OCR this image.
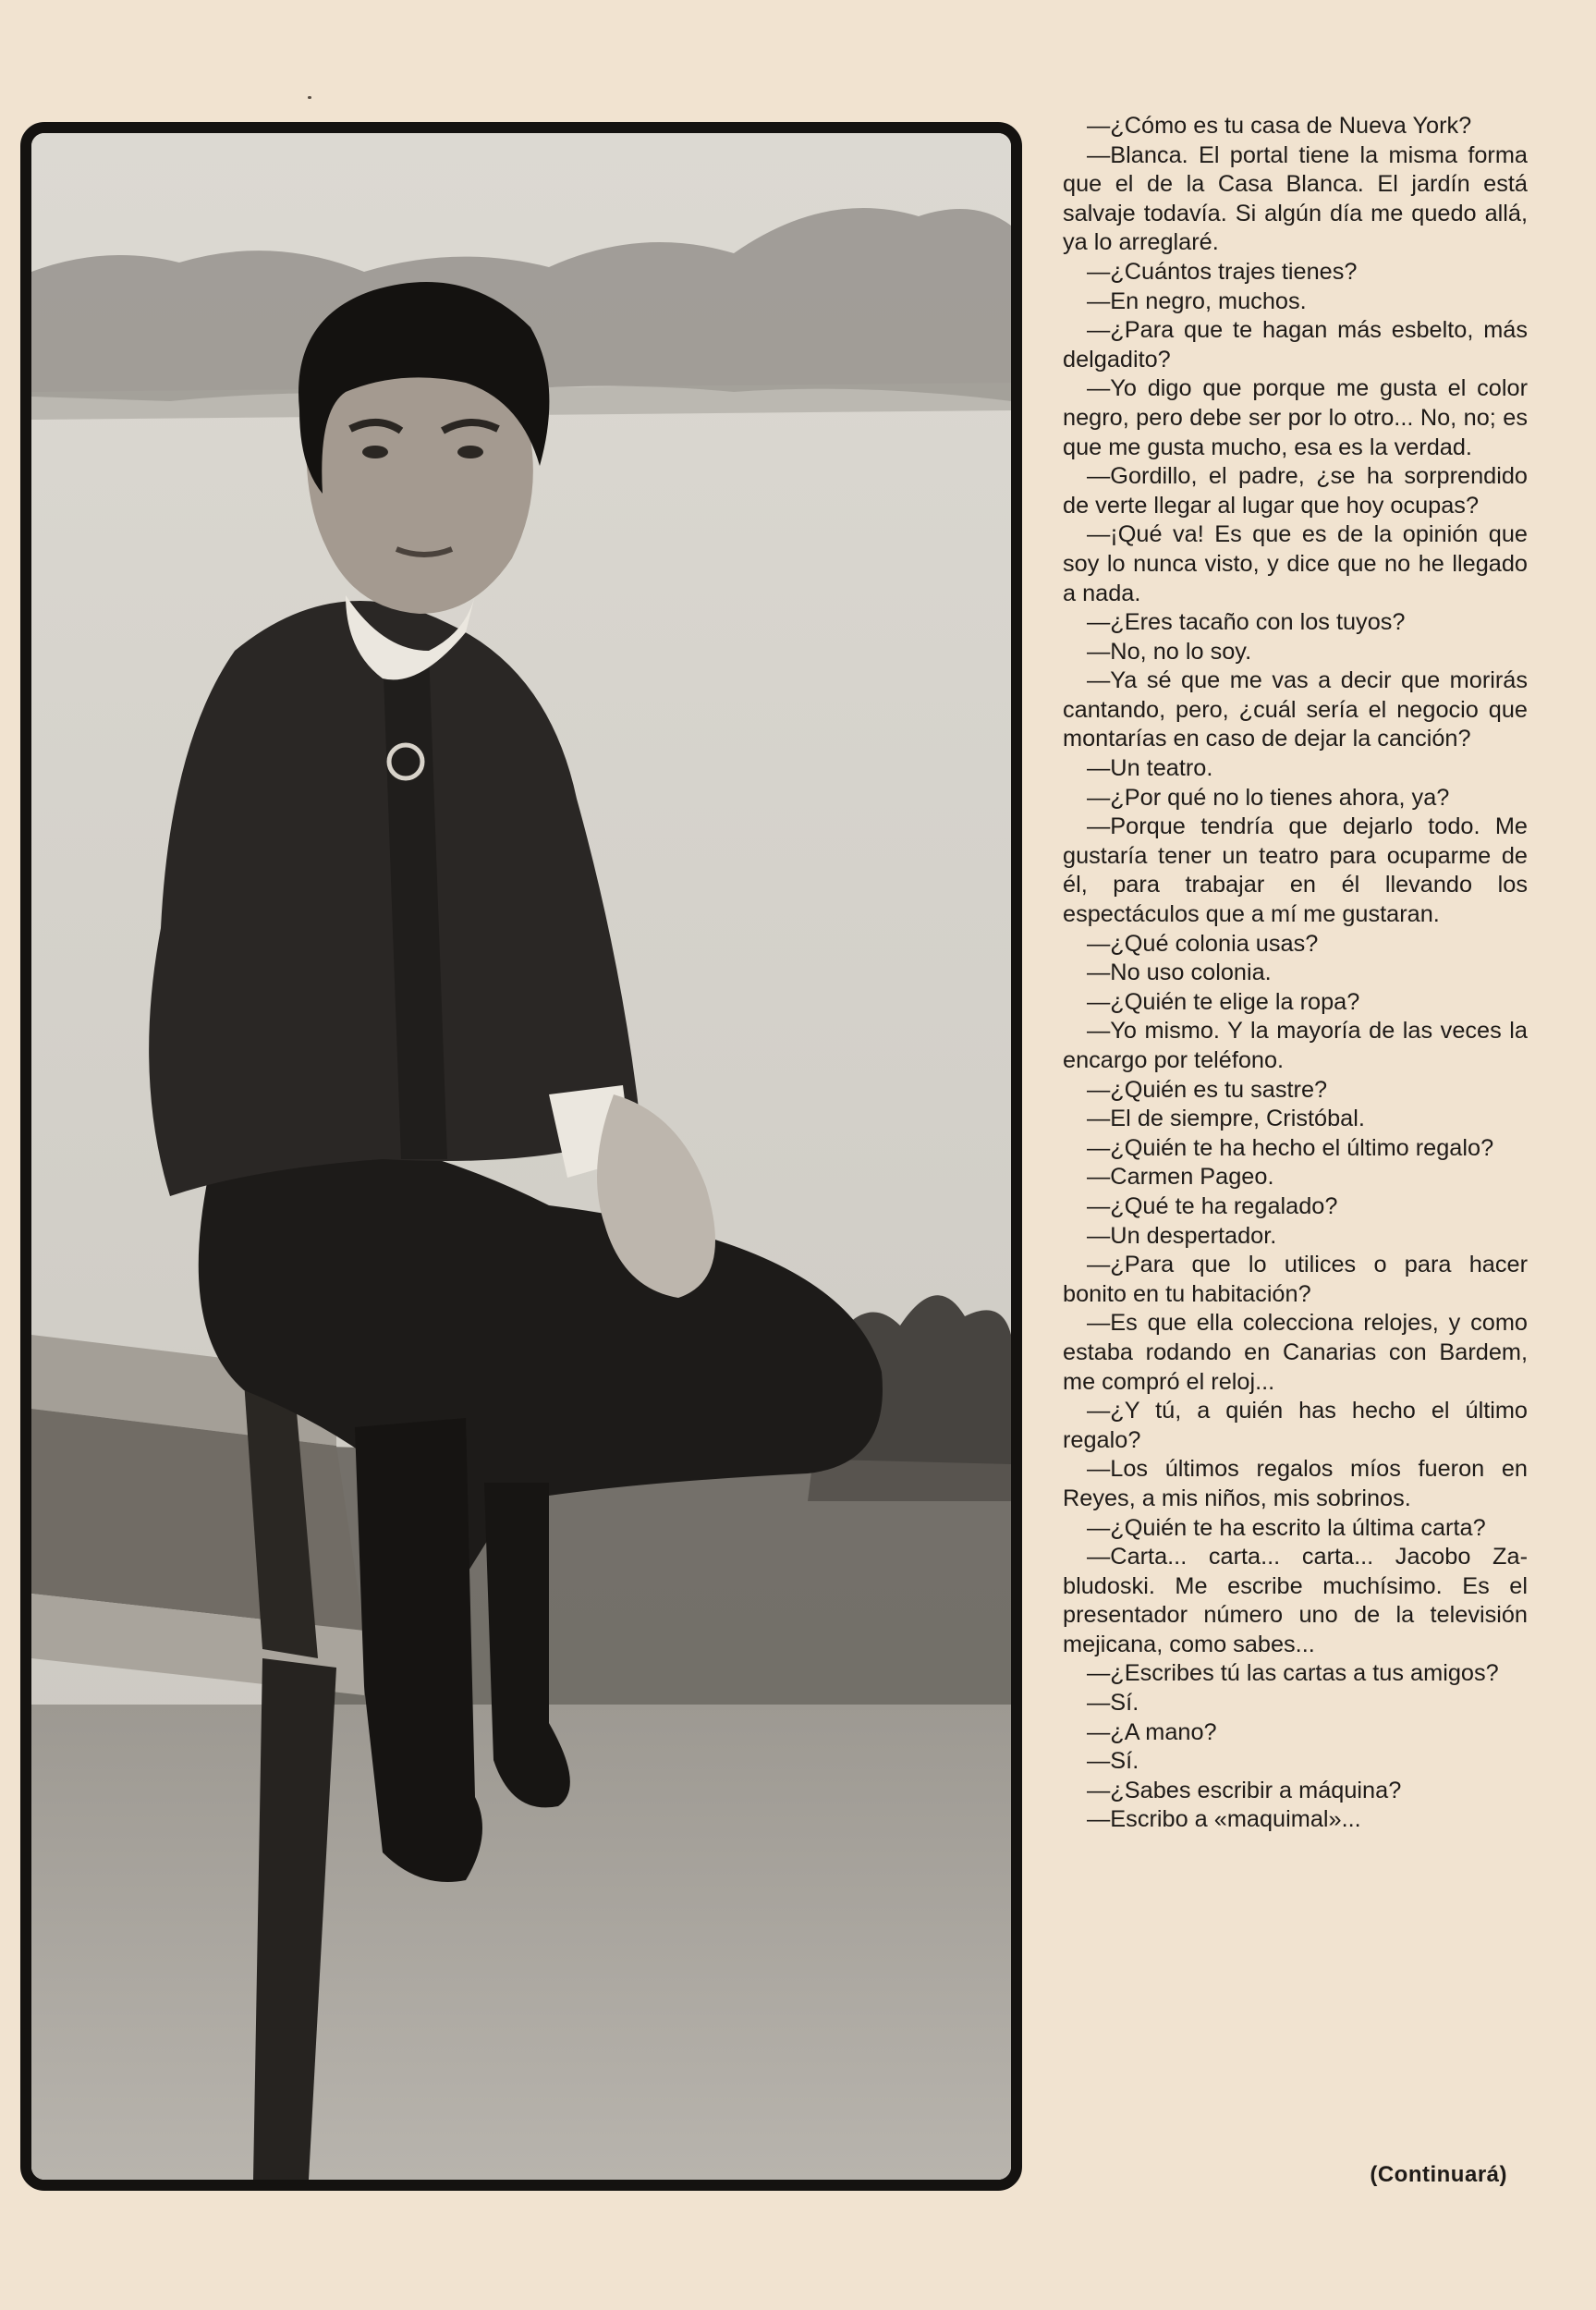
—¿Cómo es tu casa de Nueva York?

—Blanca. El portal tiene la misma forma que el de la Casa Blanca. El jardín está salvaje todavía. Si algún día me quedo allá, ya lo arreglaré.

—¿Cuántos trajes tienes?

—En negro, muchos.

—¿Para que te hagan más esbelto, más delgadito?

—Yo digo que porque me gusta el color negro, pero debe ser por lo otro... No, no; es que me gusta mucho, esa es la verdad.

—Gordillo, el padre, ¿se ha sorprendido de verte llegar al lugar que hoy ocupas?

—¡Qué va! Es que es de la opinión que soy lo nunca visto, y dice que no he llegado a nada.

—¿Eres tacaño con los tuyos?

—No, no lo soy.

—Ya sé que me vas a decir que morirás cantando, pero, ¿cuál sería el negocio que montarías en caso de dejar la canción?

—Un teatro.

—¿Por qué no lo tienes ahora, ya?

—Porque tendría que dejarlo todo. Me gustaría tener un teatro para ocuparme de él, para trabajar en él llevando los espectáculos que a mí me gustaran.

—¿Qué colonia usas?

—No uso colonia.

—¿Quién te elige la ropa?

—Yo mismo. Y la mayoría de las veces la encargo por teléfono.

—¿Quién es tu sastre?

—El de siempre, Cristóbal.

—¿Quién te ha hecho el último regalo?

—Carmen Pageo.

—¿Qué te ha regalado?

—Un despertador.

—¿Para que lo utilices o para hacer bonito en tu habitación?

—Es que ella colecciona relojes, y como estaba rodando en Canarias con Bardem, me compró el reloj...

—¿Y tú, a quién has hecho el último regalo?

—Los últimos regalos míos fueron en Reyes, a mis niños, mis sobrinos.

—¿Quién te ha escrito la última carta?

—Carta... carta... carta... Jacobo Zabludoski. Me escribe muchísimo. Es el presentador número uno de la televisión mejicana, como sabes...

—¿Escribes tú las cartas a tus amigos?

—Sí.

—¿A mano?

—Sí.

—¿Sabes escribir a máquina?

—Escribo a «maquimal»...

(Continuará)
